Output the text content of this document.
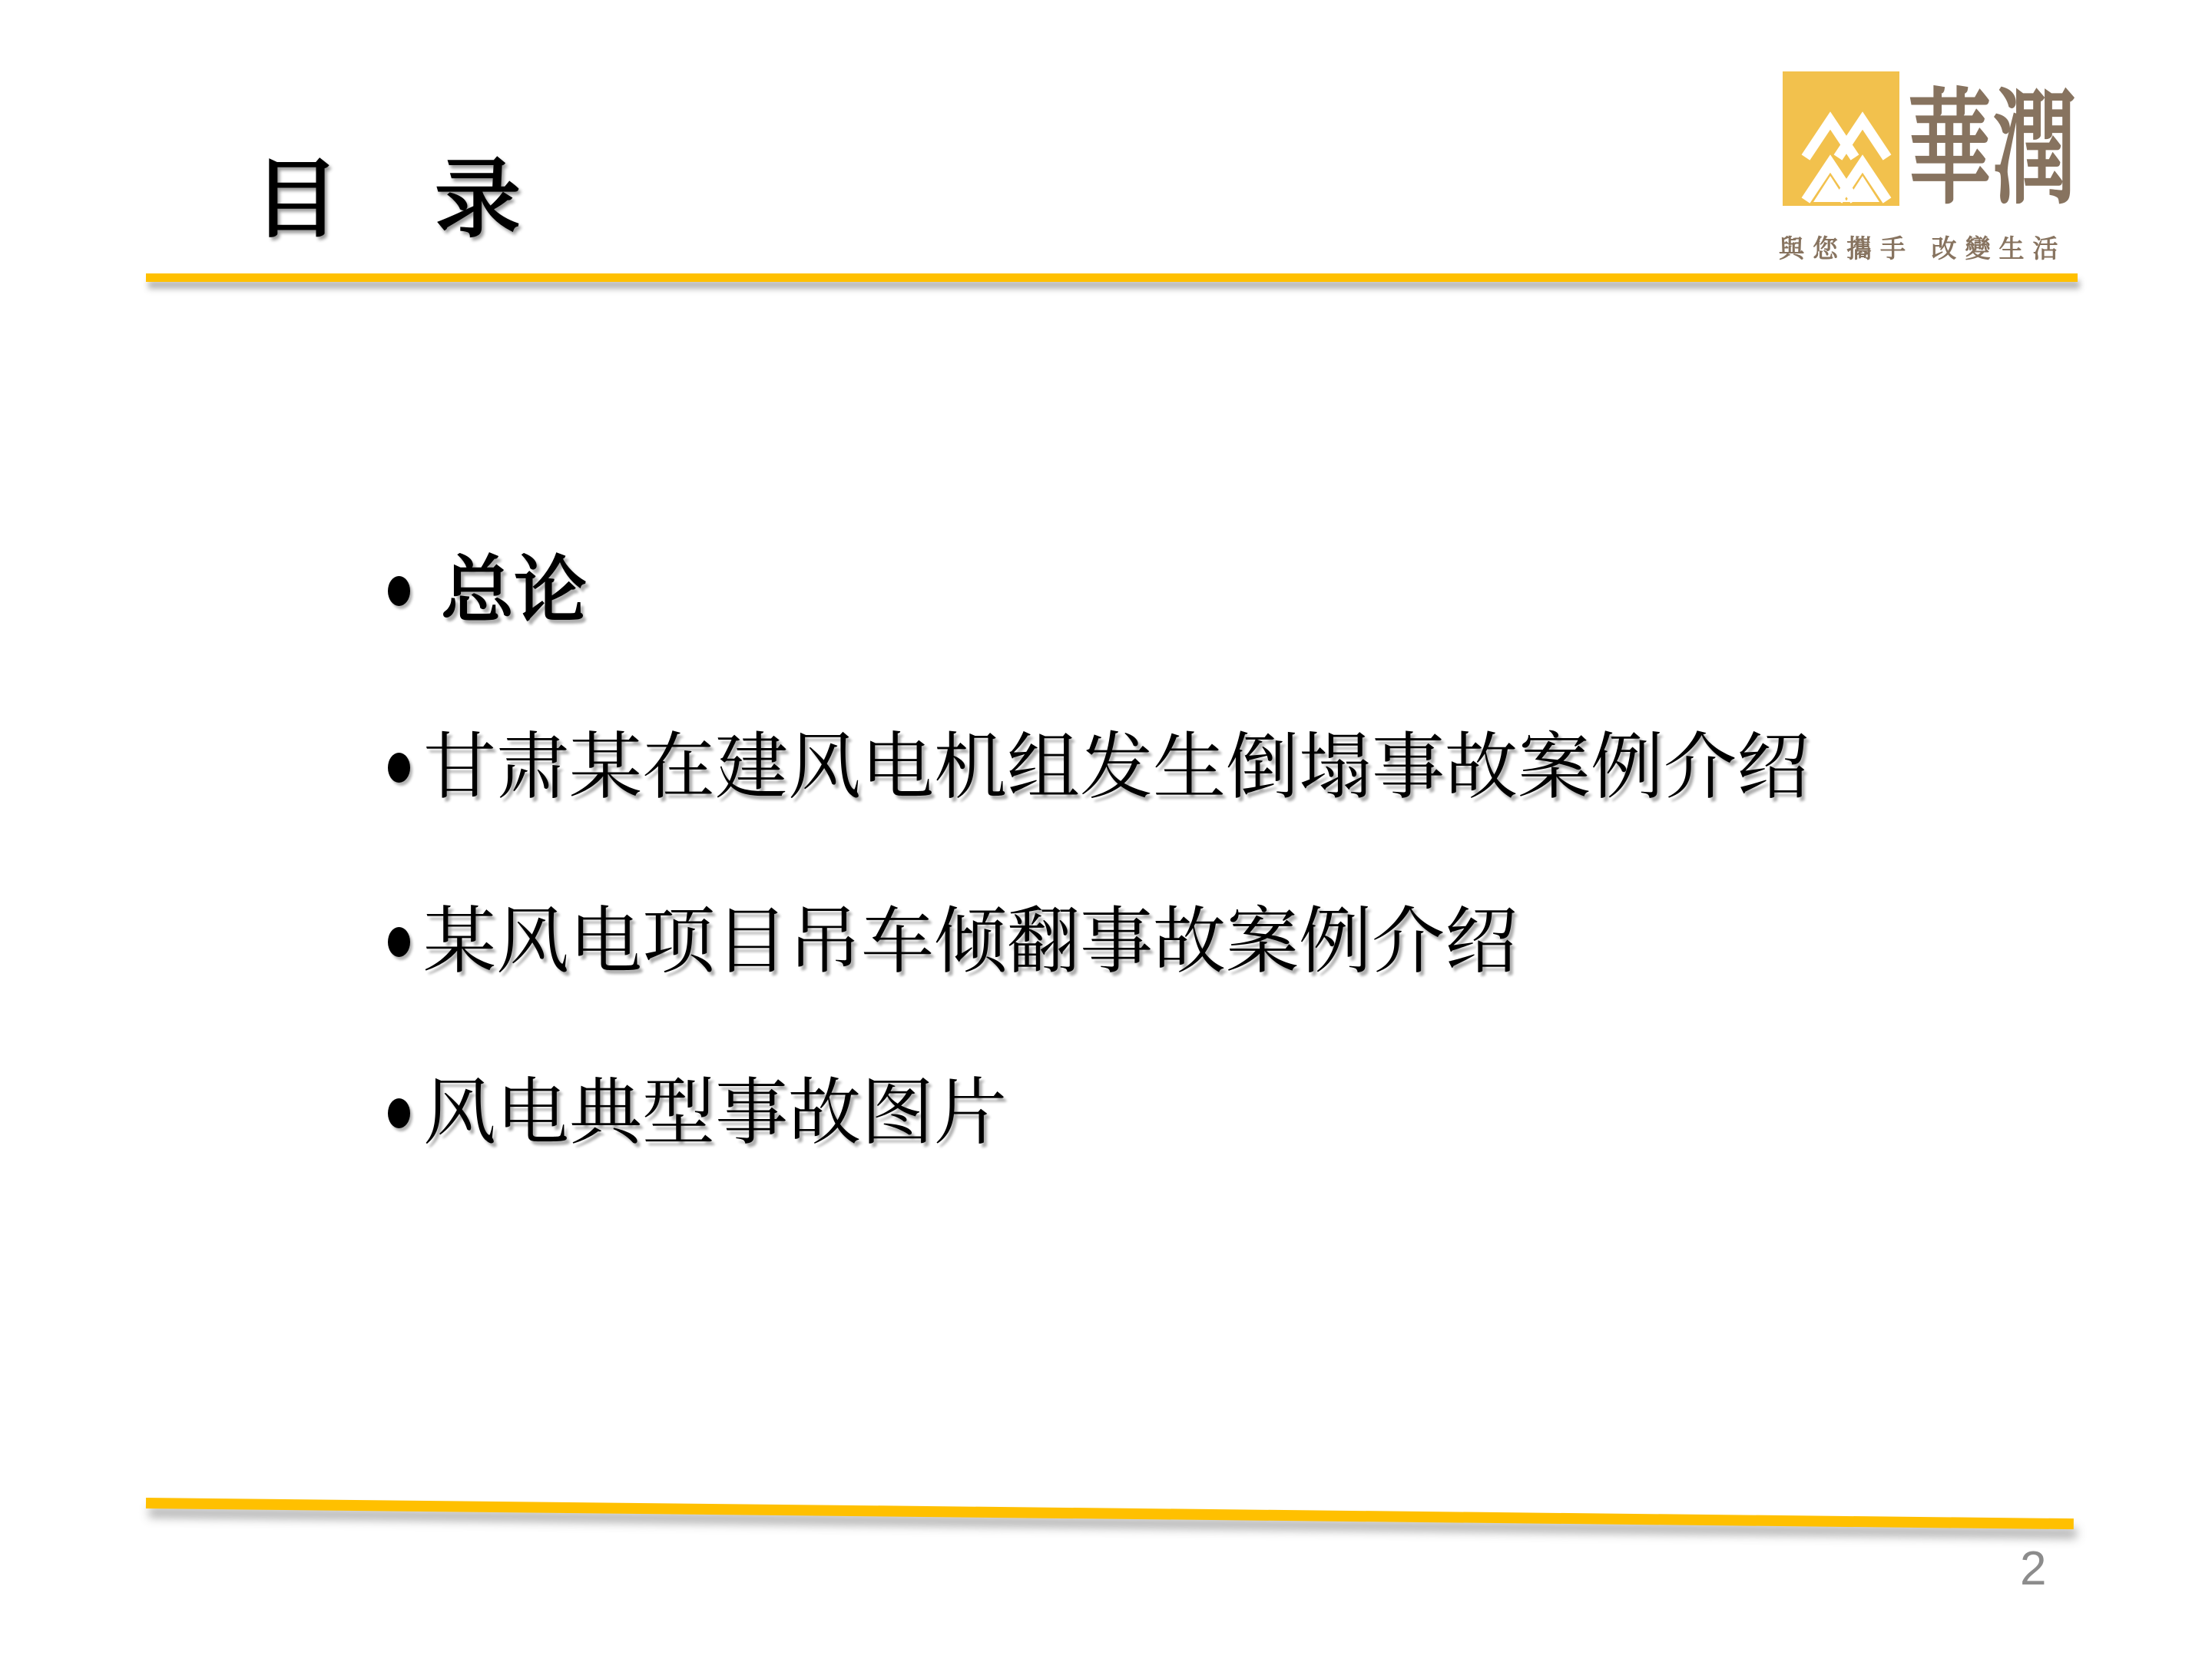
目　录	華潤
與您攜手 改變生活
总论
甘肃某在建风电机组发生倒塌事故案例介绍
某风电项目吊车倾翻事故案例介绍
风电典型事故图片
2
